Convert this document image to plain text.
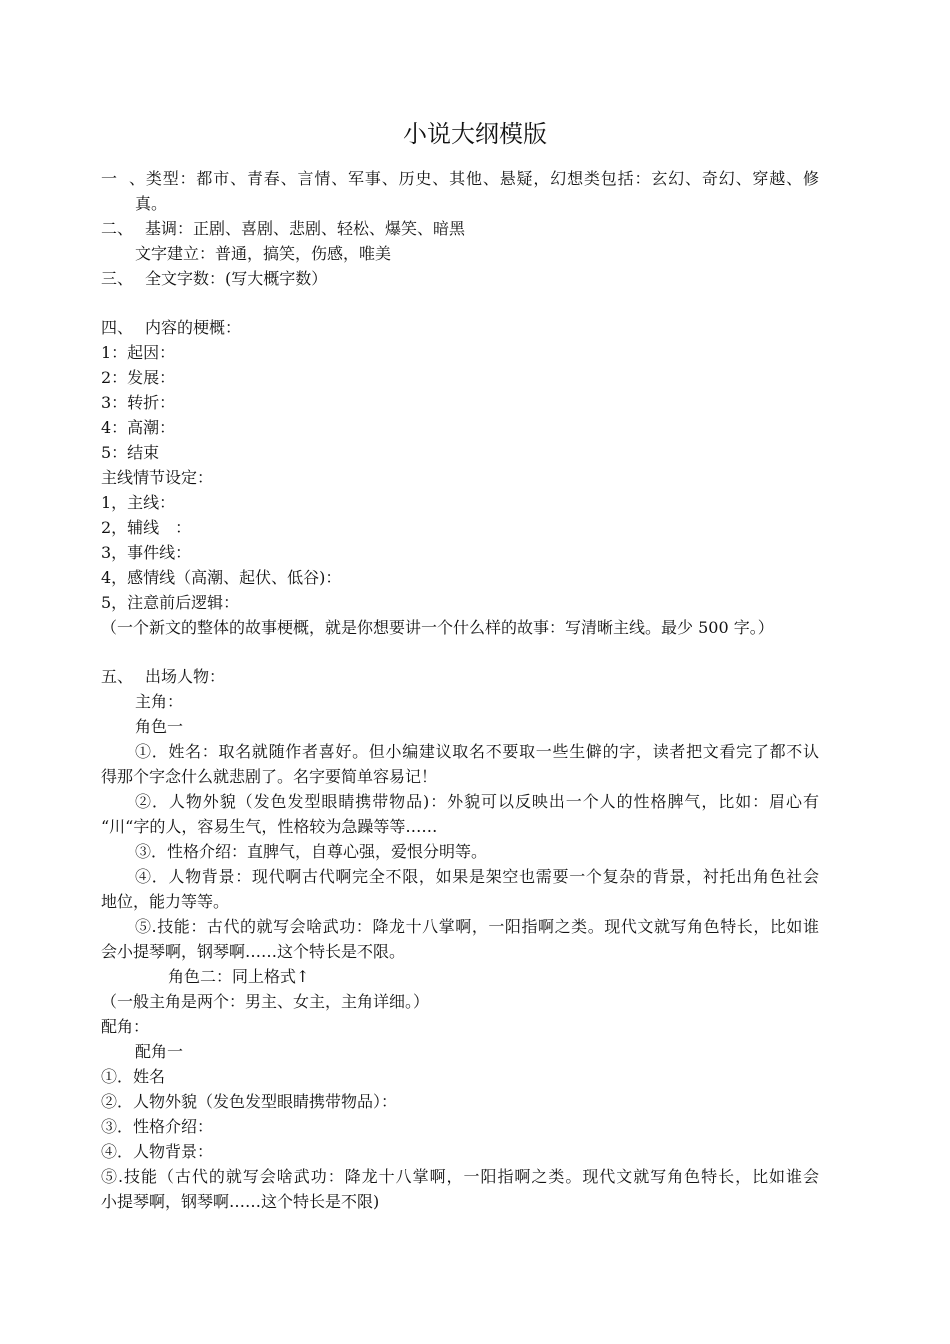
小说大纲模版
一、类型：都市、青春、言情、军事、历史、其他、悬疑，幻想类包括：玄幻、奇幻、穿越、修
真。
二、 基调：正剧、喜剧、悲剧、轻松、爆笑、暗黑
文字建立：普通，搞笑，伤感，唯美
三、 全文字数：(写大概字数）
四、 内容的梗概：
1：起因：
2：发展：
3：转折：
4：高潮：
5：结束
主线情节设定：
1，主线：
2，辅线　：
3，事件线：
4，感情线（高潮、起伏、低谷)：
5，注意前后逻辑：
（一个新文的整体的故事梗概，就是你想要讲一个什么样的故事：写清晰主线。最少 500 字。）
五、 出场人物：
主角：
角色一
①．姓名：取名就随作者喜好。但小编建议取名不要取一些生僻的字，读者把文看完了都不认
得那个字念什么就悲剧了。名字要简单容易记！
②．人物外貌（发色发型眼睛携带物品)：外貌可以反映出一个人的性格脾气，比如：眉心有
“川“字的人，容易生气，性格较为急躁等等……
③．性格介绍：直脾气，自尊心强，爱恨分明等。
④．人物背景：现代啊古代啊完全不限，如果是架空也需要一个复杂的背景，衬托出角色社会
地位，能力等等。
⑤.技能：古代的就写会啥武功：降龙十八掌啊，一阳指啊之类。现代文就写角色特长，比如谁
会小提琴啊，钢琴啊……这个特长是不限。
角色二：同上格式↑
（一般主角是两个：男主、女主，主角详细。）
配角：
配角一
①．姓名
②．人物外貌（发色发型眼睛携带物品）：
③．性格介绍：
④．人物背景：
⑤.技能（古代的就写会啥武功：降龙十八掌啊，一阳指啊之类。现代文就写角色特长，比如谁会
小提琴啊，钢琴啊……这个特长是不限)
